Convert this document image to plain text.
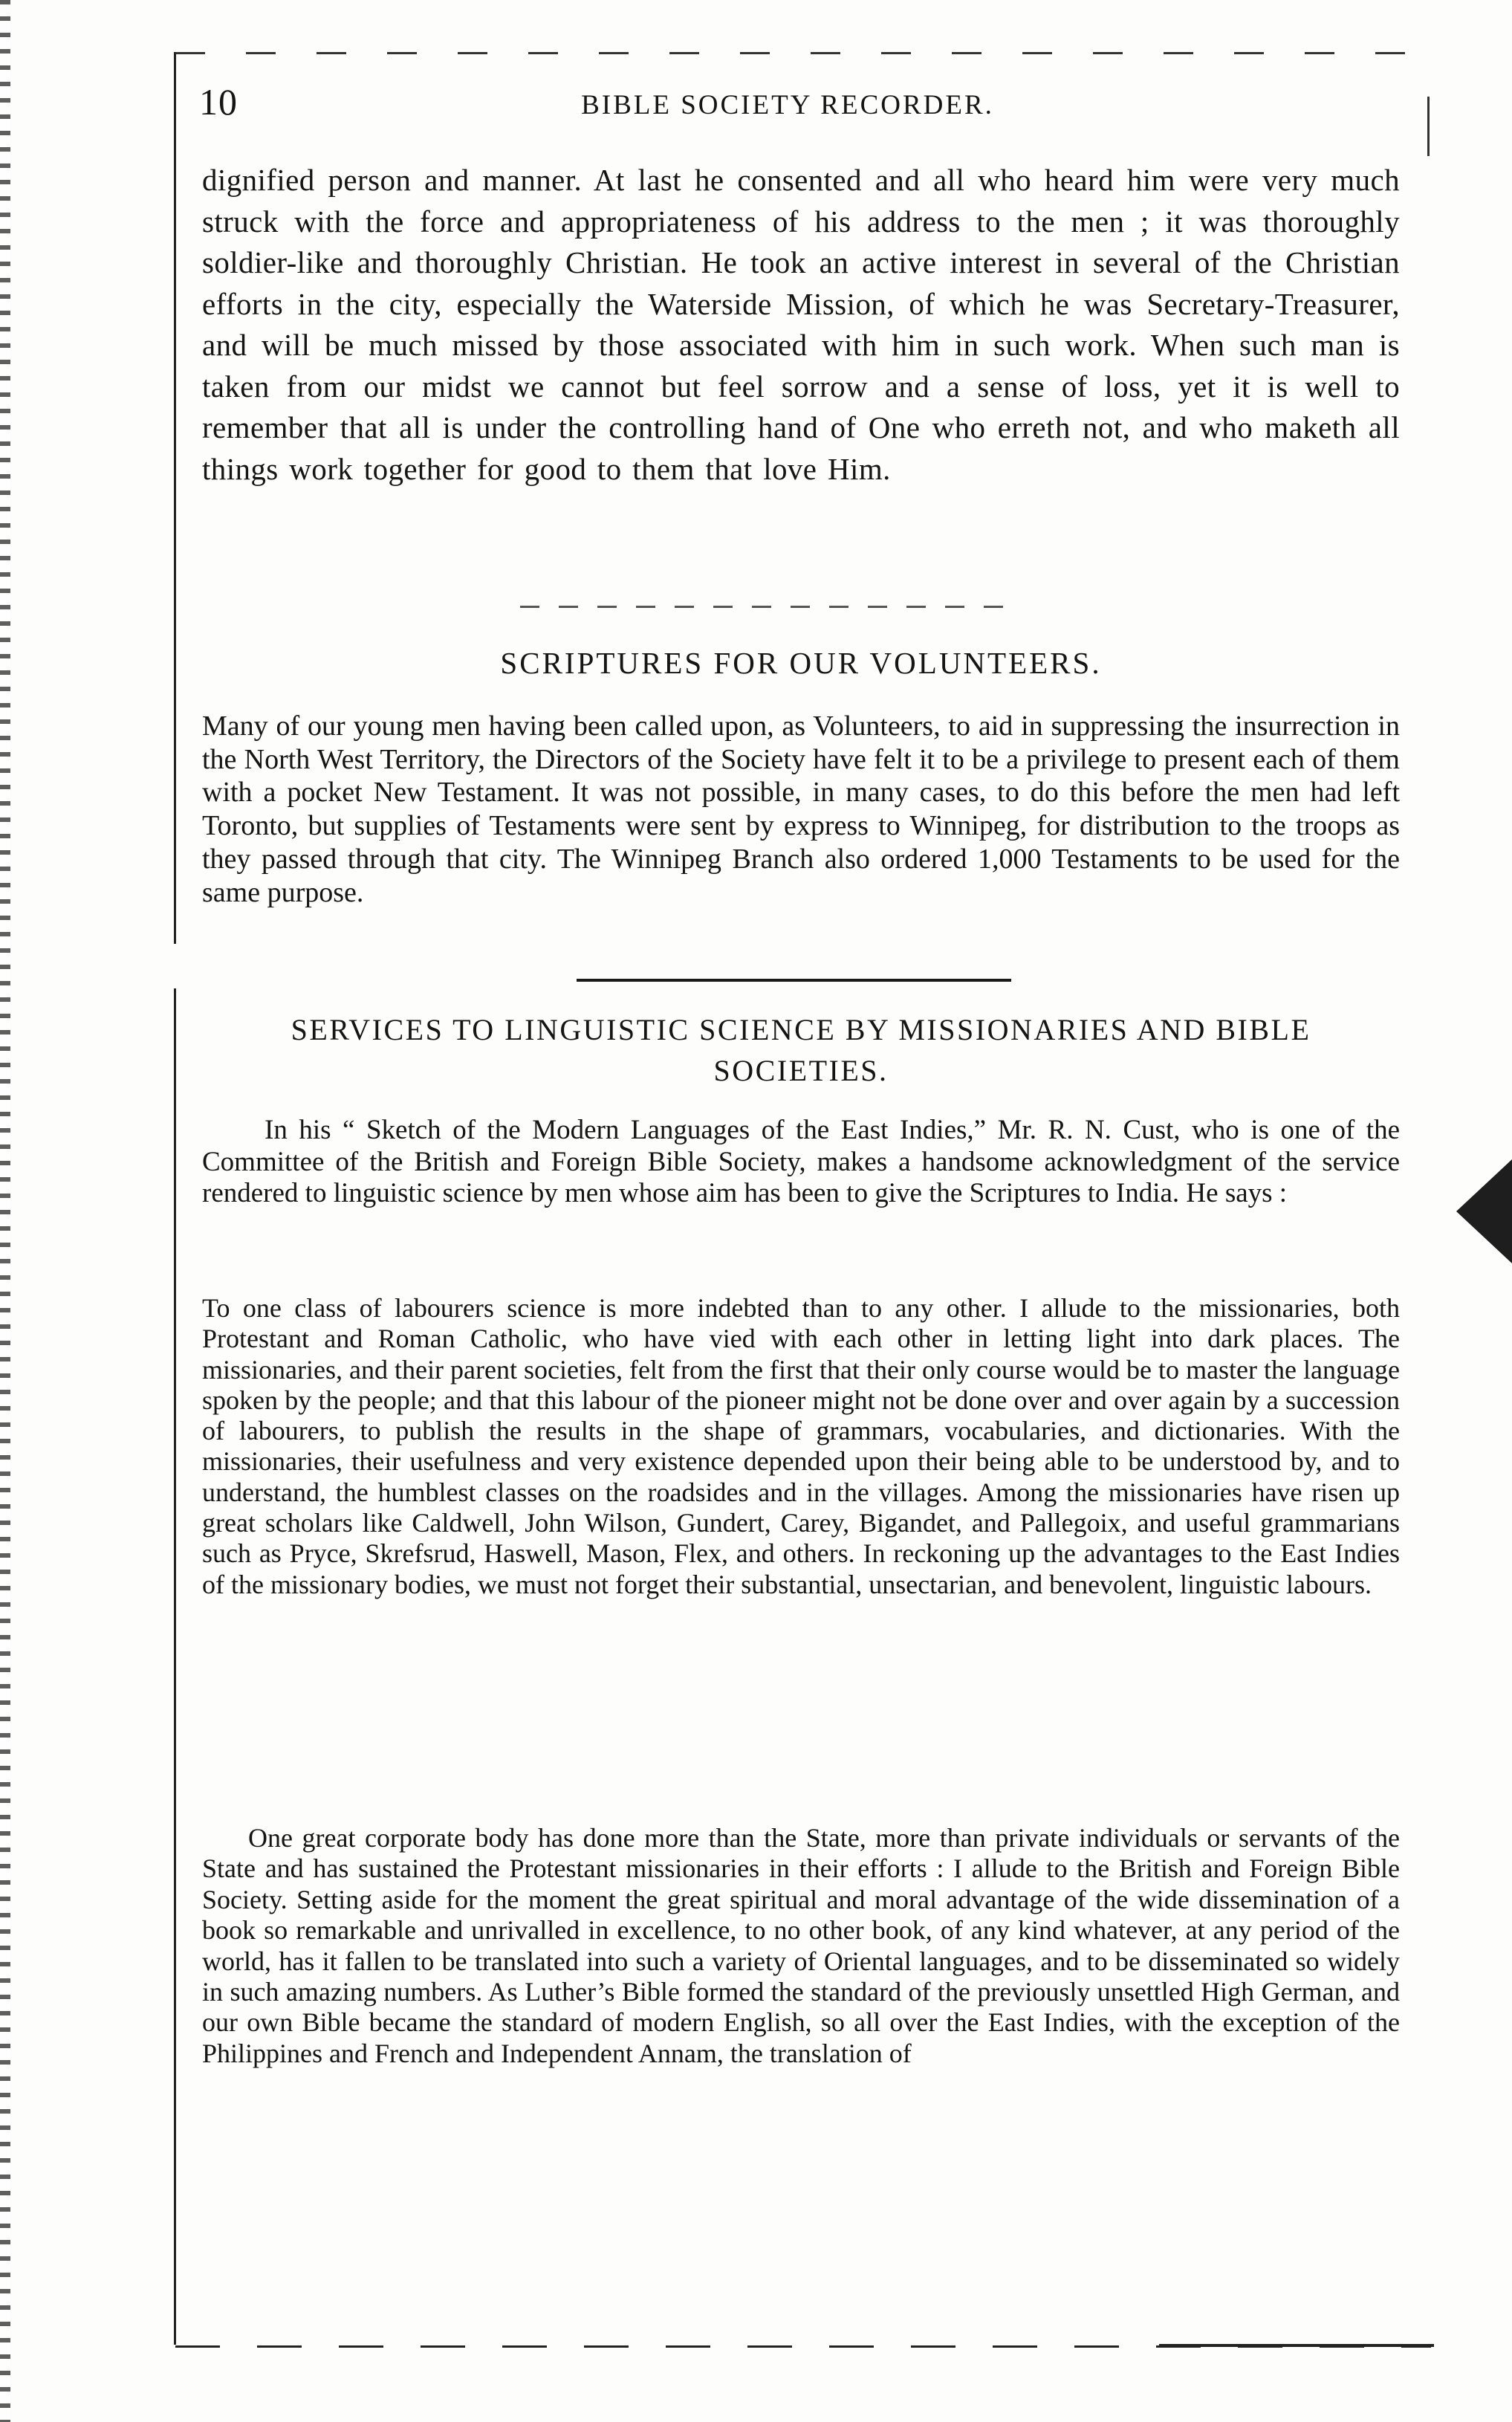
10	BIBLE SOCIETY RECORDER.

dignified person and manner. At last he consented and all who heard him were very much struck with the force and appropriateness of his address to the men ; it was thoroughly soldier-like and thoroughly Christian. He took an active interest in several of the Christian efforts in the city, especially the Waterside Mission, of which he was Secretary-Treasurer, and will be much missed by those associated with him in such work. When such man is taken from our midst we cannot but feel sorrow and a sense of loss, yet it is well to remember that all is under the controlling hand of One who erreth not, and who maketh all things work together for good to them that love Him.

SCRIPTURES FOR OUR VOLUNTEERS.

Many of our young men having been called upon, as Volunteers, to aid in suppressing the insurrection in the North West Territory, the Directors of the Society have felt it to be a privilege to present each of them with a pocket New Testament. It was not possible, in many cases, to do this before the men had left Toronto, but supplies of Testaments were sent by express to Winnipeg, for distribution to the troops as they passed through that city. The Winnipeg Branch also ordered 1,000 Testaments to be used for the same purpose.

SERVICES TO LINGUISTIC SCIENCE BY MISSIONARIES AND BIBLE SOCIETIES.

In his “ Sketch of the Modern Languages of the East Indies,” Mr. R. N. Cust, who is one of the Committee of the British and Foreign Bible Society, makes a handsome acknowledgment of the service rendered to linguistic science by men whose aim has been to give the Scriptures to India. He says :

To one class of labourers science is more indebted than to any other. I allude to the missionaries, both Protestant and Roman Catholic, who have vied with each other in letting light into dark places. The missionaries, and their parent societies, felt from the first that their only course would be to master the language spoken by the people; and that this labour of the pioneer might not be done over and over again by a succession of labourers, to publish the results in the shape of grammars, vocabularies, and dictionaries. With the missionaries, their usefulness and very existence depended upon their being able to be understood by, and to understand, the humblest classes on the roadsides and in the villages. Among the missionaries have risen up great scholars like Caldwell, John Wilson, Gundert, Carey, Bigandet, and Pallegoix, and useful grammarians such as Pryce, Skrefsrud, Haswell, Mason, Flex, and others. In reckoning up the advantages to the East Indies of the missionary bodies, we must not forget their substantial, unsectarian, and benevolent, linguistic labours.

One great corporate body has done more than the State, more than private individuals or servants of the State and has sustained the Protestant missionaries in their efforts : I allude to the British and Foreign Bible Society. Setting aside for the moment the great spiritual and moral advantage of the wide dissemination of a book so remarkable and unrivalled in excellence, to no other book, of any kind whatever, at any period of the world, has it fallen to be translated into such a variety of Oriental languages, and to be disseminated so widely in such amazing numbers. As Luther’s Bible formed the standard of the previously unsettled High German, and our own Bible became the standard of modern English, so all over the East Indies, with the exception of the Philippines and French and Independent Annam, the translation of
